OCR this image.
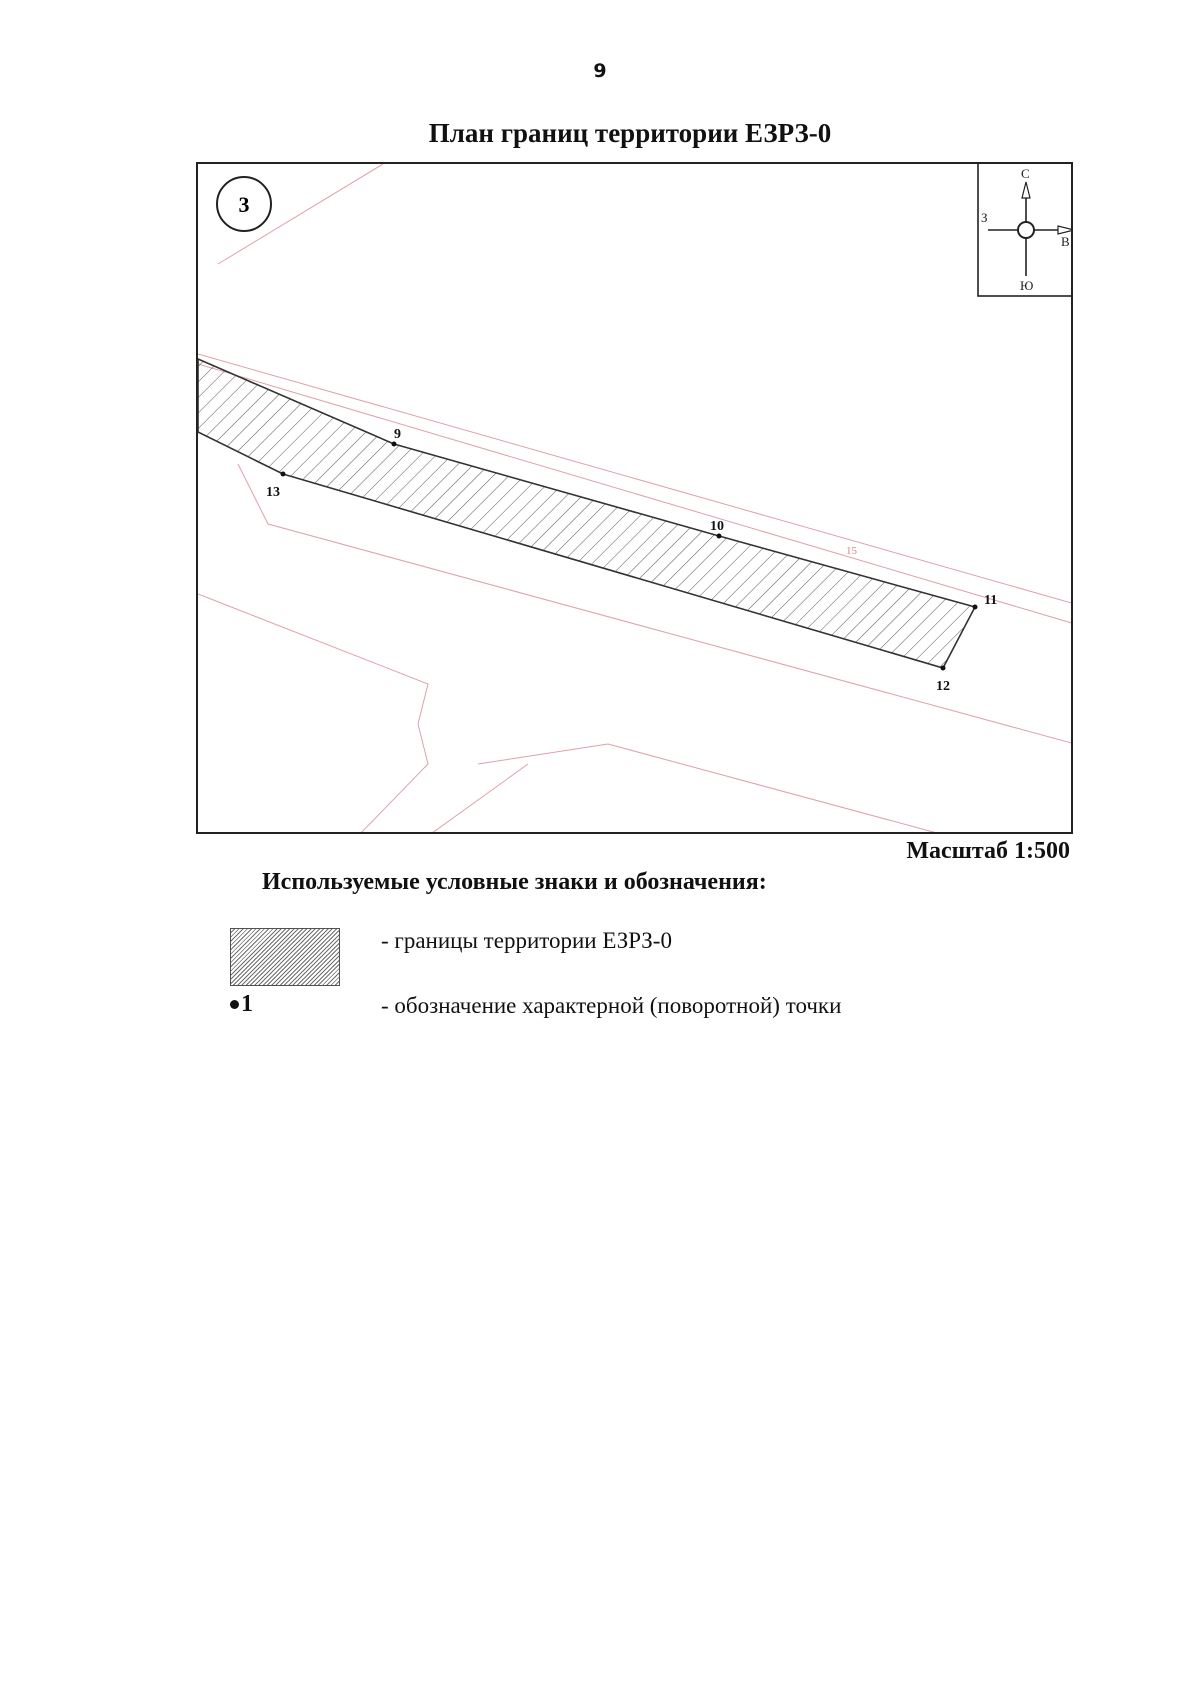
9
План границ территории ЕЗРЗ-0
9
10
11
12
13
15
3
С
Ю
В
З
Масштаб 1:500
Используемые условные знаки и обозначения:
- границы территории ЕЗРЗ-0
1	- обозначение характерной (поворотной) точки
